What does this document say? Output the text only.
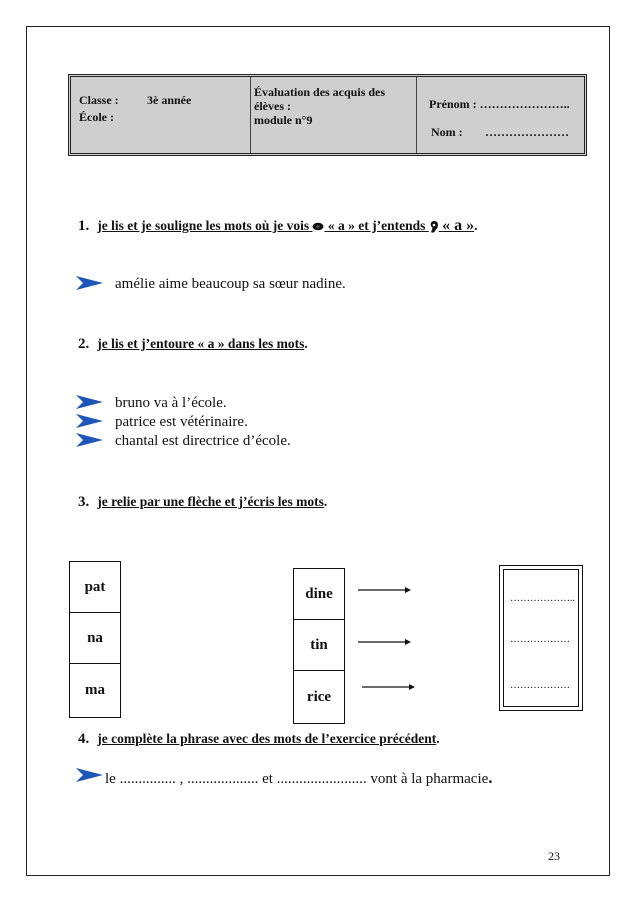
Classe : 3è année
École :
Évaluation des acquis des
élèves :
module n°9
Prénom : …………………..
Nom : …………………
1. je lis et je souligne les mots où je vois « a » et j’entends « a ».
amélie aime beaucoup sa sœur nadine.
2. je lis et j’entoure « a » dans les mots.
bruno va à l’école.
patrice est vétérinaire.
chantal est directrice d’école.
3. je relie par une flèche et j’écris les mots.
pat
na
ma
dine
tin
rice
………………..
………………
………………
4. je complète la phrase avec des mots de l’exercice précédent.
le ............... , ................... et ........................ vont à la pharmacie.
23
